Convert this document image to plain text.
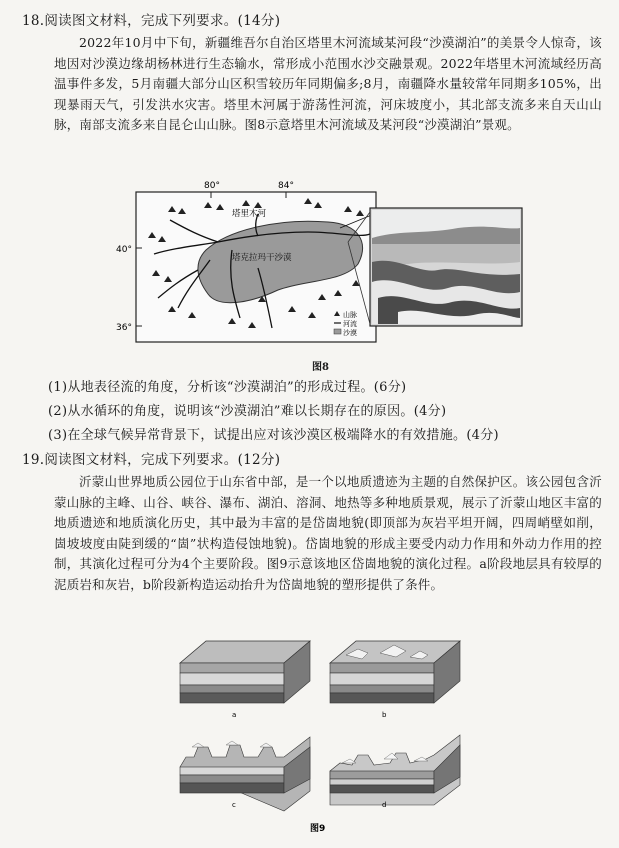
18.阅读图文材料，完成下列要求。(14分)
2022年10月中下旬，新疆维吾尔自治区塔里木河流域某河段“沙漠湖泊”的美景令人惊奇，该地因对沙漠边缘胡杨林进行生态输水，常形成小范围水沙交融景观。2022年塔里木河流域经历高温事件多发，5月南疆大部分山区积雪较历年同期偏多;8月，南疆降水量较常年同期多105%，出现暴雨天气，引发洪水灾害。塔里木河属于游荡性河流，河床坡度小，其北部支流多来自天山山脉，南部支流多来自昆仑山山脉。图8示意塔里木河流域及某河段“沙漠湖泊”景观。
80°	84°
40°
36°
塔里木河
塔克拉玛干沙漠
山脉
河流
沙漠
图8
(1)从地表径流的角度，分析该“沙漠湖泊”的形成过程。(6分)
(2)从水循环的角度，说明该“沙漠湖泊”难以长期存在的原因。(4分)
(3)在全球气候异常背景下，试提出应对该沙漠区极端降水的有效措施。(4分)
19.阅读图文材料，完成下列要求。(12分)
沂蒙山世界地质公园位于山东省中部，是一个以地质遗迹为主题的自然保护区。该公园包含沂蒙山脉的主峰、山谷、峡谷、瀑布、湖泊、溶洞、地热等多种地质景观，展示了沂蒙山地区丰富的地质遗迹和地质演化历史，其中最为丰富的是岱崮地貌(即顶部为灰岩平坦开阔，四周峭壁如削，崮坡坡度由陡到缓的“崮”状构造侵蚀地貌)。岱崮地貌的形成主要受内动力作用和外动力作用的控制，其演化过程可分为4个主要阶段。图9示意该地区岱崮地貌的演化过程。a阶段地层具有较厚的泥质岩和灰岩，b阶段新构造运动抬升为岱崮地貌的塑形提供了条件。
a	b
c	d
图9
